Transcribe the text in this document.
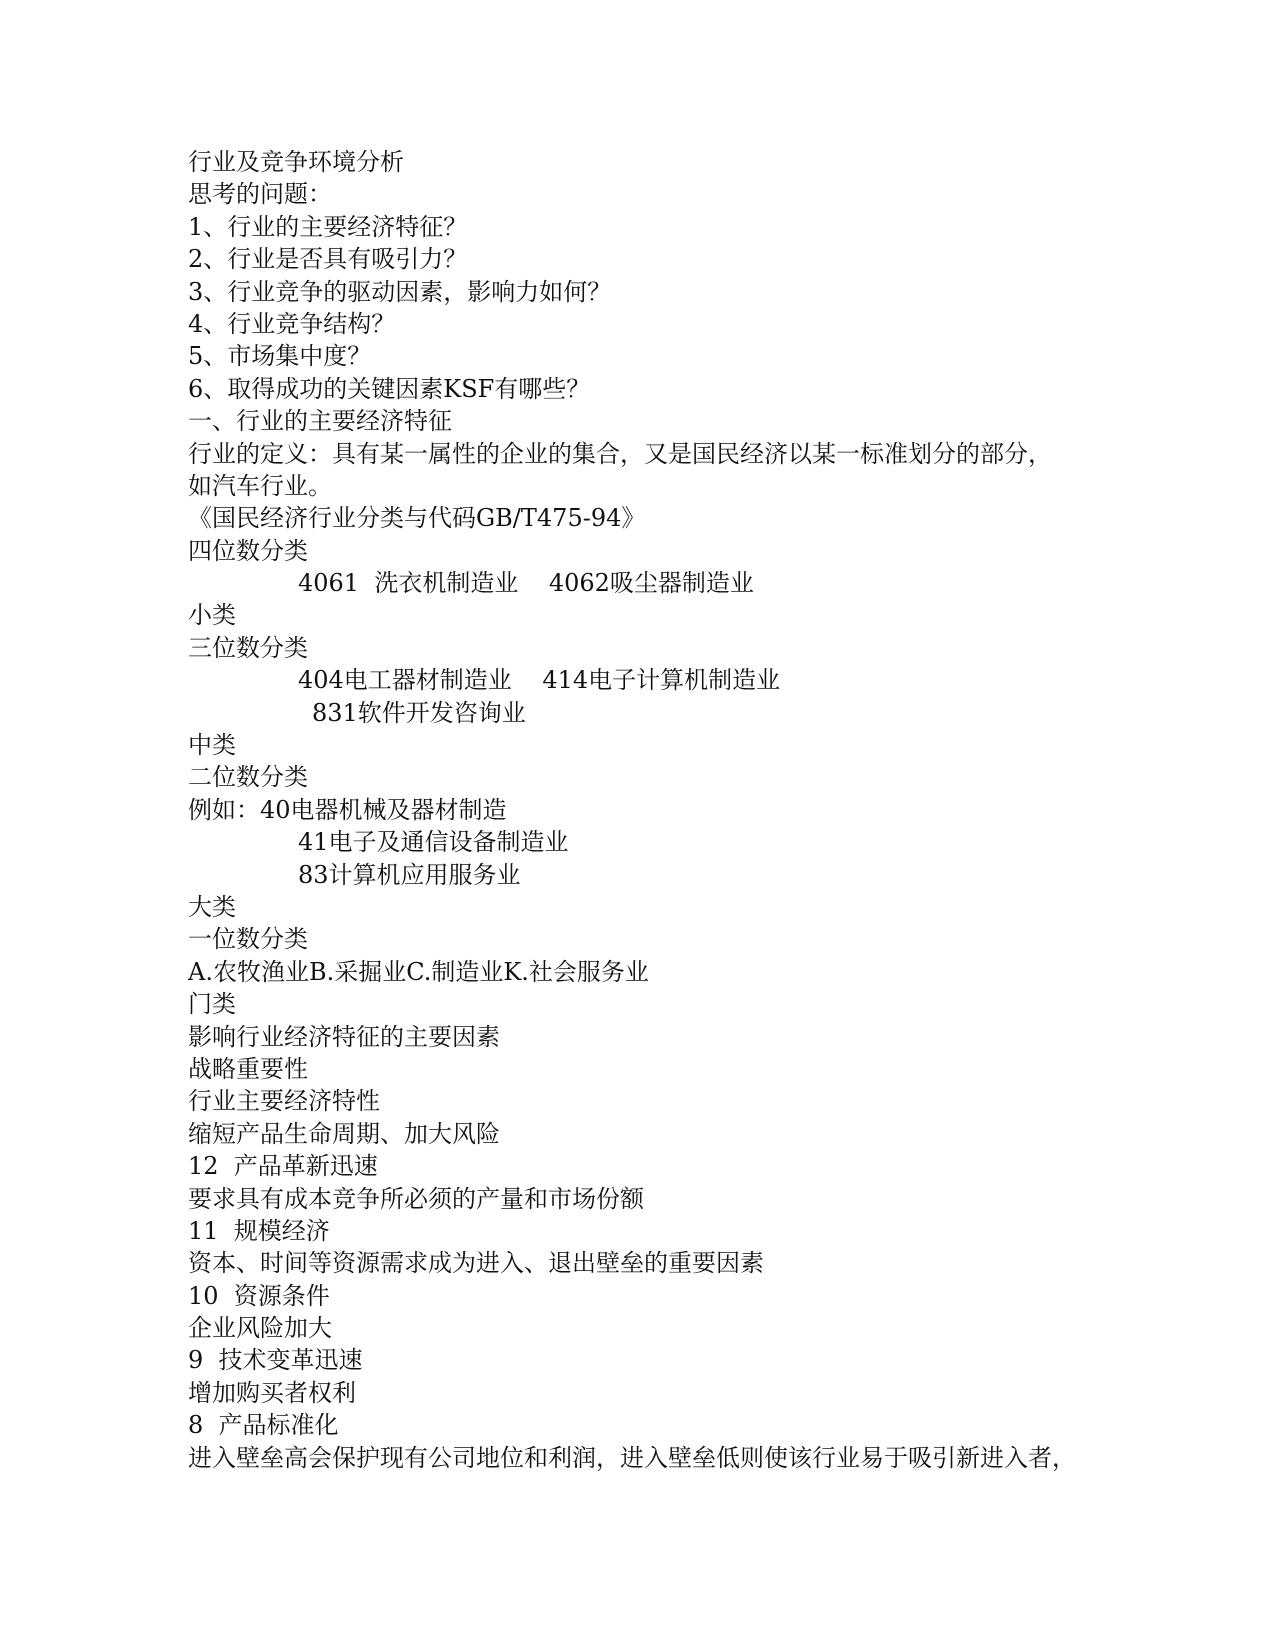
行业及竞争环境分析
思考的问题：
1、行业的主要经济特征？
2、行业是否具有吸引力？
3、行业竞争的驱动因素，影响力如何？
4、行业竞争结构？
5、市场集中度？
6、取得成功的关键因素KSF有哪些？
一、行业的主要经济特征
行业的定义：具有某一属性的企业的集合，又是国民经济以某一标准划分的部分，
如汽车行业。
《国民经济行业分类与代码GB/T475-94》
四位数分类
4061  洗衣机制造业    4062吸尘器制造业
小类
三位数分类
404电工器材制造业    414电子计算机制造业
831软件开发咨询业
中类
二位数分类
例如：40电器机械及器材制造
41电子及通信设备制造业
83计算机应用服务业
大类
一位数分类
A.农牧渔业B.采掘业C.制造业K.社会服务业
门类
影响行业经济特征的主要因素
战略重要性
行业主要经济特性
缩短产品生命周期、加大风险
12  产品革新迅速
要求具有成本竞争所必须的产量和市场份额
11  规模经济
资本、时间等资源需求成为进入、退出壁垒的重要因素
10  资源条件
企业风险加大
9  技术变革迅速
增加购买者权利
8  产品标准化
进入壁垒高会保护现有公司地位和利润，进入壁垒低则使该行业易于吸引新进入者，
